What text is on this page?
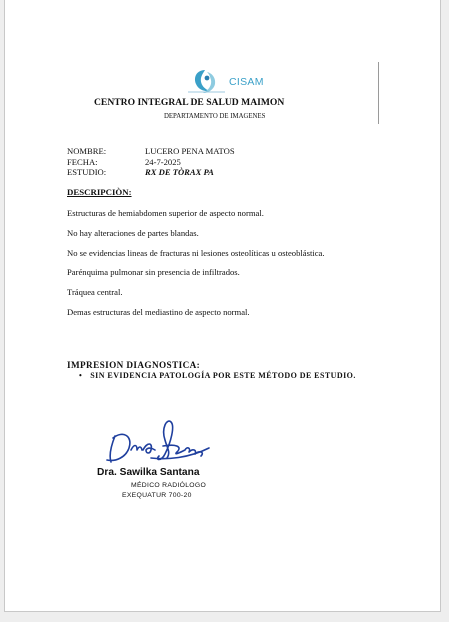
CISAM
CENTRO INTEGRAL DE SALUD MAIMON
DEPARTAMENTO DE IMAGENES
NOMBRE:	LUCERO PENA MATOS
FECHA:	24-7-2025
ESTUDIO:	RX DE TÒRAX PA
DESCRIPCIÒN:

Estructuras de hemiabdomen superior de aspecto normal.

No hay alteraciones de partes blandas.

No se evidencias lineas de fracturas ni lesiones osteolíticas u osteoblástica.

Parénquima pulmonar sin presencia de infiltrados.

Tráquea central.

Demas estructuras del mediastino de aspecto normal.

IMPRESION DIAGNOSTICA:
• SIN EVIDENCIA PATOLOGÍA POR ESTE MÉTODO DE ESTUDIO.
Dra. Sawilka Santana
MÉDICO RADIÓLOGO
EXEQUATUR 700-20
